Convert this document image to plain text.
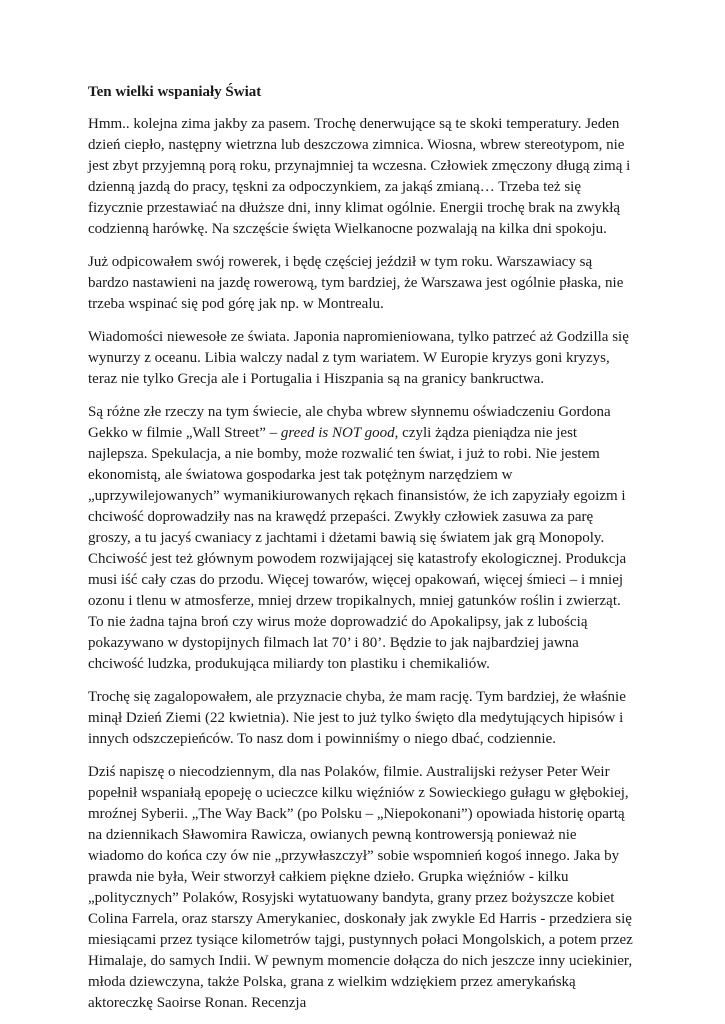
Ten wielki wspaniały Świat

Hmm.. kolejna zima jakby za pasem. Trochę denerwujące są te skoki temperatury. Jeden dzień ciepło, następny wietrzna lub deszczowa zimnica. Wiosna, wbrew stereotypom, nie jest zbyt przyjemną porą roku, przynajmniej ta wczesna. Człowiek zmęczony długą zimą i dzienną jazdą do pracy, tęskni za odpoczynkiem, za jakąś zmianą… Trzeba też się fizycznie przestawiać na dłuższe dni, inny klimat ogólnie. Energii trochę brak na zwykłą codzienną harówkę. Na szczęście święta Wielkanocne pozwalają na kilka dni spokoju.

Już odpicowałem swój rowerek, i będę częściej jeździł w tym roku. Warszawiacy są bardzo nastawieni na jazdę rowerową, tym bardziej, że Warszawa jest ogólnie płaska, nie trzeba wspinać się pod górę jak np. w Montrealu.

Wiadomości niewesołe ze świata. Japonia napromieniowana, tylko patrzeć aż Godzilla się wynurzy z oceanu. Libia walczy nadal z tym wariatem. W Europie kryzys goni kryzys, teraz nie tylko Grecja ale i Portugalia i Hiszpania są na granicy bankructwa.

Są różne złe rzeczy na tym świecie, ale chyba wbrew słynnemu oświadczeniu Gordona Gekko w filmie „Wall Street” – greed is NOT good, czyli żądza pieniądza nie jest najlepsza. Spekulacja, a nie bomby, może rozwalić ten świat, i już to robi. Nie jestem ekonomistą, ale światowa gospodarka jest tak potężnym narzędziem w „uprzywilejowanych” wymanikiurowanych rękach finansistów, że ich zapyziały egoizm i chciwość doprowadziły nas na krawędź przepaści. Zwykły człowiek zasuwa za parę groszy, a tu jacyś cwaniacy z jachtami i dżetami bawią się światem jak grą Monopoly. Chciwość jest też głównym powodem rozwijającej się katastrofy ekologicznej. Produkcja musi iść cały czas do przodu. Więcej towarów, więcej opakowań, więcej śmieci – i mniej ozonu i tlenu w atmosferze, mniej drzew tropikalnych, mniej gatunków roślin i zwierząt. To nie żadna tajna broń czy wirus może doprowadzić do Apokalipsy, jak z lubością pokazywano w dystopijnych filmach lat 70’ i 80’. Będzie to jak najbardziej jawna chciwość ludzka, produkująca miliardy ton plastiku i chemikaliów.

Trochę się zagalopowałem, ale przyznacie chyba, że mam rację. Tym bardziej, że właśnie minął Dzień Ziemi (22 kwietnia). Nie jest to już tylko święto dla medytujących hipisów i innych odszczepieńców. To nasz dom i powinniśmy o niego dbać, codziennie.

Dziś napiszę o niecodziennym, dla nas Polaków, filmie. Australijski reżyser Peter Weir popełnił wspaniałą epopeję o ucieczce kilku więźniów z Sowieckiego gułagu w głębokiej, mroźnej Syberii. „The Way Back” (po Polsku – „Niepokonani”) opowiada historię opartą na dziennikach Sławomira Rawicza, owianych pewną kontrowersją ponieważ nie wiadomo do końca czy ów nie „przywłaszczył” sobie wspomnień kogoś innego. Jaka by prawda nie była, Weir stworzył całkiem piękne dzieło. Grupka więźniów - kilku „politycznych” Polaków, Rosyjski wytatuowany bandyta, grany przez bożyszcze kobiet Colina Farrela, oraz starszy Amerykaniec, doskonały jak zwykle Ed Harris - przedziera się miesiącami przez tysiące kilometrów tajgi, pustynnych połaci Mongolskich, a potem przez Himalaje, do samych Indii. W pewnym momencie dołącza do nich jeszcze inny uciekinier, młoda dziewczyna, także Polska, grana z wielkim wdziękiem przez amerykańską aktoreczkę Saoirse Ronan. Recenzja
